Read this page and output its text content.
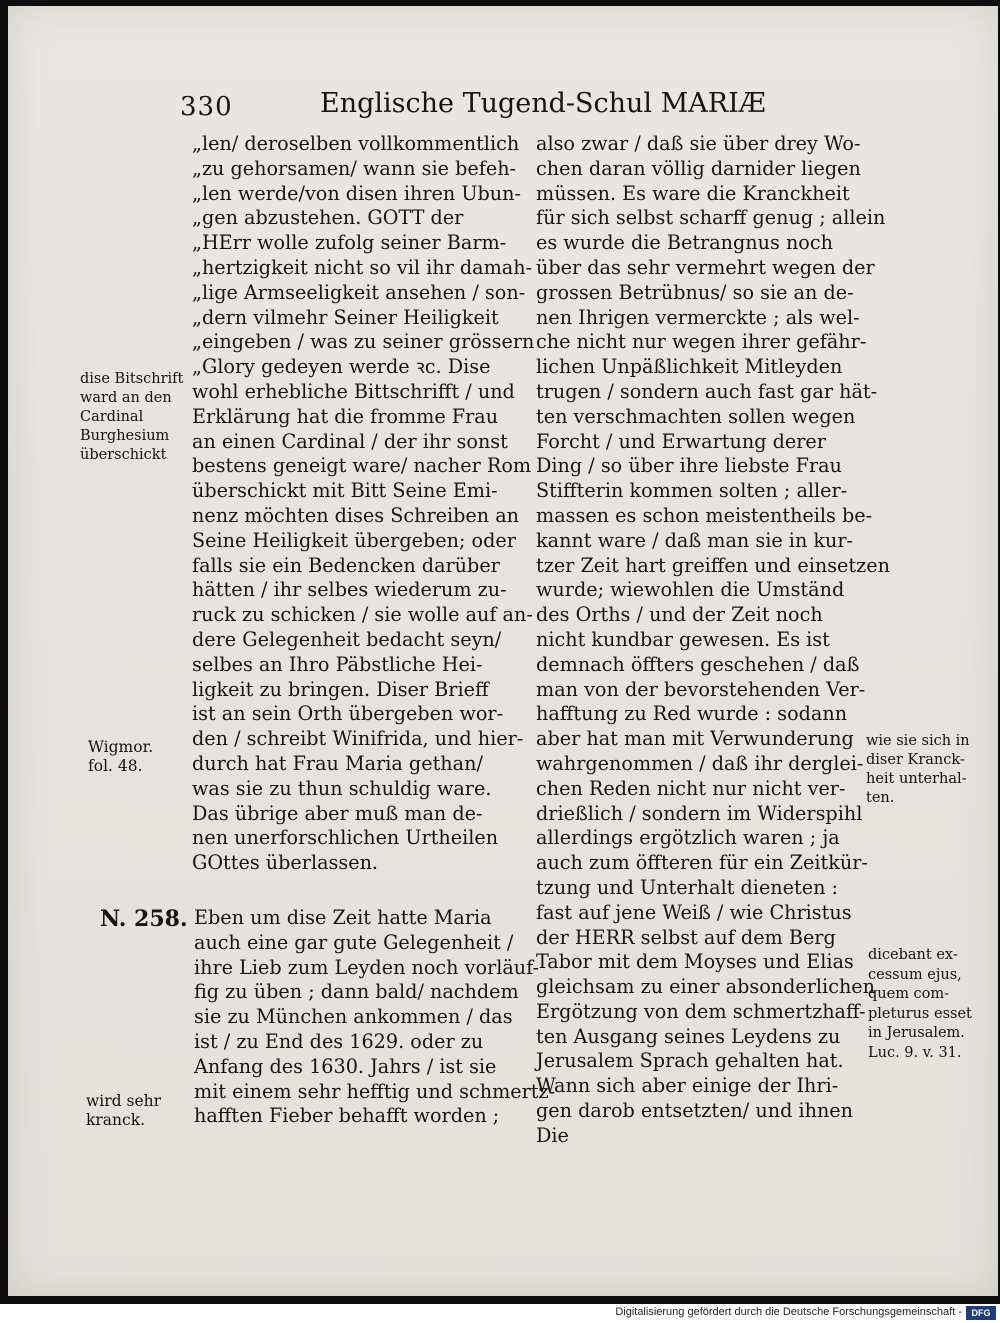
330	Englische Tugend-Schul MARIÆ
„len/ deroselben vollkommentlich
„zu gehorsamen/ wann sie befeh-
„len werde/von disen ihren Ubun-
„gen abzustehen. GOTT der
„HErr wolle zufolg seiner Barm-
„hertzigkeit nicht so vil ihr damah-
„lige Armseeligkeit ansehen / son-
„dern vilmehr Seiner Heiligkeit
„eingeben / was zu seiner grössern
„Glory gedeyen werde ꝛc. Dise
wohl erhebliche Bittschrifft / und
Erklärung hat die fromme Frau
an einen Cardinal / der ihr sonst
bestens geneigt ware/ nacher Rom
überschickt mit Bitt Seine Emi-
nenz möchten dises Schreiben an
Seine Heiligkeit übergeben; oder
falls sie ein Bedencken darüber
hätten / ihr selbes wiederum zu-
ruck zu schicken / sie wolle auf an-
dere Gelegenheit bedacht seyn/
selbes an Ihro Päbstliche Hei-
ligkeit zu bringen. Diser Brieff
ist an sein Orth übergeben wor-
den / schreibt Winifrida, und hier-
durch hat Frau Maria gethan/
was sie zu thun schuldig ware.
Das übrige aber muß man de-
nen unerforschlichen Urtheilen
GOttes überlassen.
N. 258. Eben um dise Zeit hatte Maria
auch eine gar gute Gelegenheit /
ihre Lieb zum Leyden noch vorläuf-
fig zu üben ; dann bald/ nachdem
sie zu München ankommen / das
ist / zu End des 1629. oder zu
Anfang des 1630. Jahrs / ist sie
mit einem sehr hefftig und schmertz-
hafften Fieber behafft worden ;
also zwar / daß sie über drey Wo-
chen daran völlig darnider liegen
müssen. Es ware die Kranckheit
für sich selbst scharff genug ; allein
es wurde die Betrangnus noch
über das sehr vermehrt wegen der
grossen Betrübnus/ so sie an de-
nen Ihrigen vermerckte ; als wel-
che nicht nur wegen ihrer gefähr-
lichen Unpäßlichkeit Mitleyden
trugen / sondern auch fast gar hät-
ten verschmachten sollen wegen
Forcht / und Erwartung derer
Ding / so über ihre liebste Frau
Stiffterin kommen solten ; aller-
massen es schon meistentheils be-
kannt ware / daß man sie in kur-
tzer Zeit hart greiffen und einsetzen
wurde; wiewohlen die Umständ
des Orths / und der Zeit noch
nicht kundbar gewesen. Es ist
demnach öffters geschehen / daß
man von der bevorstehenden Ver-
hafftung zu Red wurde : sodann
aber hat man mit Verwunderung
wahrgenommen / daß ihr derglei-
chen Reden nicht nur nicht ver-
drießlich / sondern im Widerspihl
allerdings ergötzlich waren ; ja
auch zum öffteren für ein Zeitkür-
tzung und Unterhalt dieneten :
fast auf jene Weiß / wie Christus
der HERR selbst auf dem Berg
Tabor mit dem Moyses und Elias
gleichsam zu einer absonderlichen
Ergötzung von dem schmertzhaff-
ten Ausgang seines Leydens zu
Jerusalem Sprach gehalten hat.
Wann sich aber einige der Ihri-
gen darob entsetzten/ und ihnen
Die
dise Bitschrift
ward an den
Cardinal
Burghesium
überschickt
Wigmor.
fol. 48.
wird sehr
kranck.
wie sie sich in
diser Kranck-
heit unterhal-
ten.
dicebant ex-
cessum ejus,
quem com-
pleturus esset
in Jerusalem.
Luc. 9. v. 31.
Digitalisierung gefördert durch die Deutsche Forschungsgemeinschaft -	DFG
